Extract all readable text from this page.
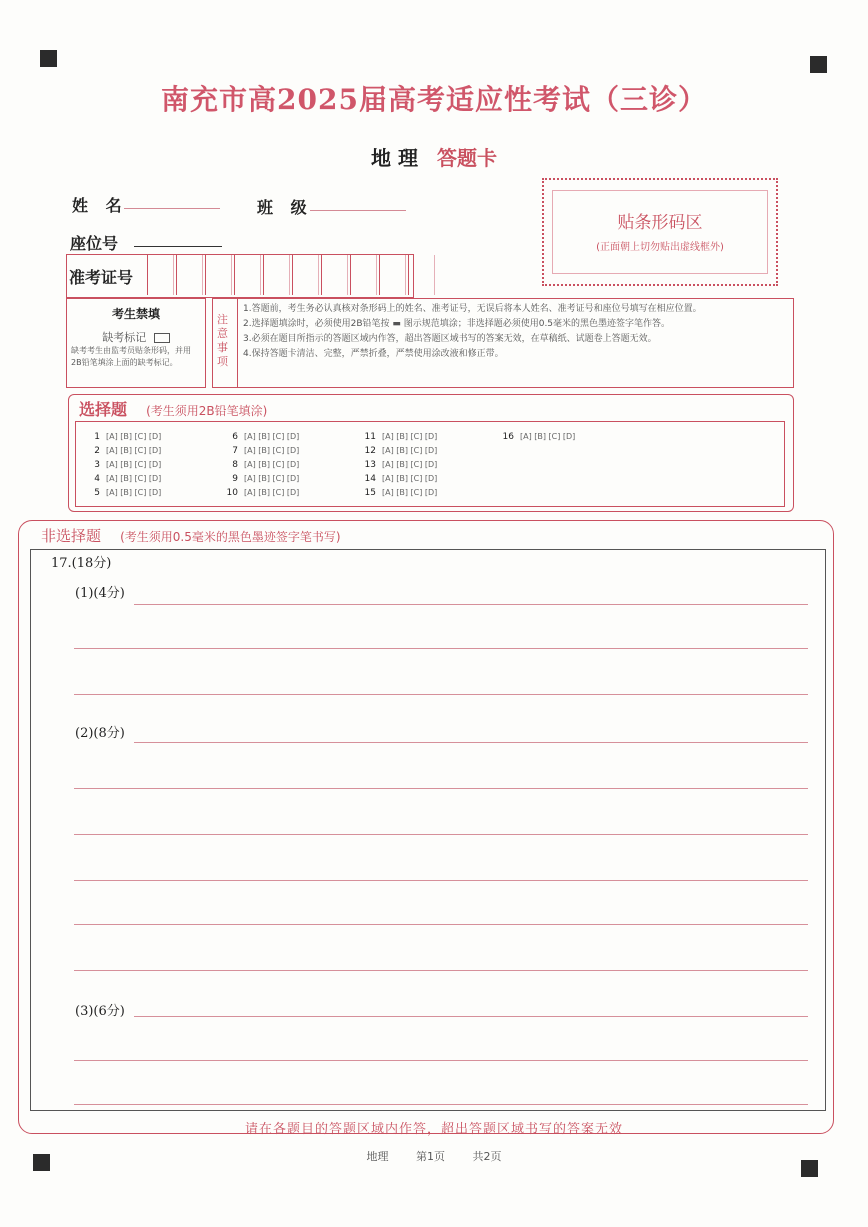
南充市高2025届高考适应性考试（三诊）
地 理 答题卡
姓 名	班 级
座位号
贴条形码区
(正面朝上切勿贴出虚线框外)
准考证号
考生禁填
缺考标记
缺考考生由监考员贴条形码，并用2B铅笔填涂上面的缺考标记。
注意事项
1.答题前，考生务必认真核对条形码上的姓名、准考证号，无误后将本人姓名、准考证号和座位号填写在相应位置。
2.选择题填涂时，必须使用2B铅笔按 ▬ 图示规范填涂；非选择题必须使用0.5毫米的黑色墨迹签字笔作答。
3.必须在题目所指示的答题区域内作答，超出答题区域书写的答案无效，在草稿纸、试题卷上答题无效。
4.保持答题卡清洁、完整，严禁折叠，严禁使用涂改液和修正带。
选择题 (考生须用2B铅笔填涂)
1 [A] [B] [C] [D]
2 [A] [B] [C] [D]
3 [A] [B] [C] [D]
4 [A] [B] [C] [D]
5 [A] [B] [C] [D]
6 [A] [B] [C] [D]
7 [A] [B] [C] [D]
8 [A] [B] [C] [D]
9 [A] [B] [C] [D]
10 [A] [B] [C] [D]
11 [A] [B] [C] [D]
12 [A] [B] [C] [D]
13 [A] [B] [C] [D]
14 [A] [B] [C] [D]
15 [A] [B] [C] [D]
16 [A] [B] [C] [D]
非选择题 (考生须用0.5毫米的黑色墨迹签字笔书写)
17.(18分)
(1)(4分)
(2)(8分)
(3)(6分)
请在各题目的答题区域内作答，超出答题区域书写的答案无效
地理	第1页	共2页
